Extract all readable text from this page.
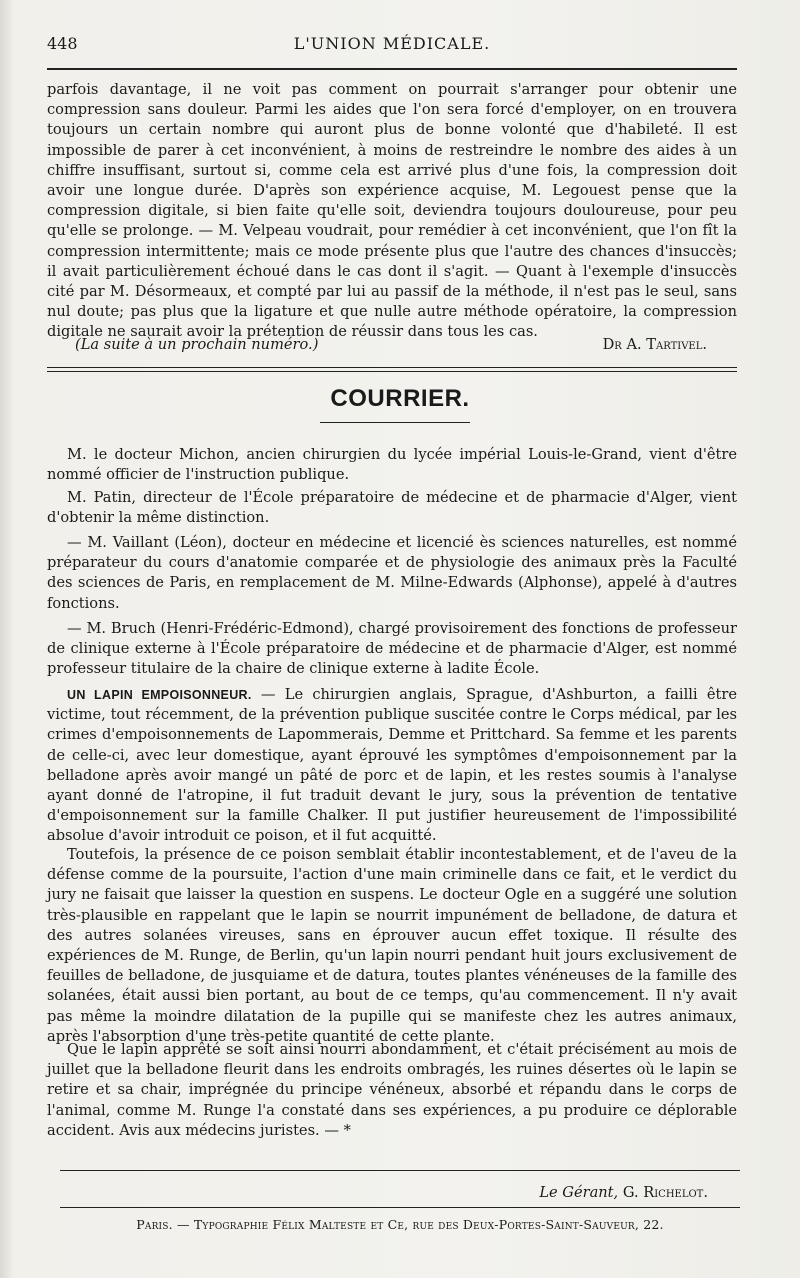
448	L'UNION MÉDICALE.
parfois davantage, il ne voit pas comment on pourrait s'arranger pour obtenir une compression sans douleur. Parmi les aides que l'on sera forcé d'employer, on en trouvera toujours un certain nombre qui auront plus de bonne volonté que d'habileté. Il est impossible de parer à cet inconvénient, à moins de restreindre le nombre des aides à un chiffre insuffisant, surtout si, comme cela est arrivé plus d'une fois, la compression doit avoir une longue durée. D'après son expérience acquise, M. Legouest pense que la compression digitale, si bien faite qu'elle soit, deviendra toujours douloureuse, pour peu qu'elle se prolonge. — M. Velpeau voudrait, pour remédier à cet inconvénient, que l'on fît la compression intermittente; mais ce mode présente plus que l'autre des chances d'insuccès; il avait particulièrement échoué dans le cas dont il s'agit. — Quant à l'exemple d'insuccès cité par M. Désormeaux, et compté par lui au passif de la méthode, il n'est pas le seul, sans nul doute; pas plus que la ligature et que nulle autre méthode opératoire, la compression digitale ne saurait avoir la prétention de réussir dans tous les cas.
(La suite à un prochain numéro.)	Dr A. Tartivel.
COURRIER.
M. le docteur Michon, ancien chirurgien du lycée impérial Louis-le-Grand, vient d'être nommé officier de l'instruction publique.
M. Patin, directeur de l'École préparatoire de médecine et de pharmacie d'Alger, vient d'obtenir la même distinction.
— M. Vaillant (Léon), docteur en médecine et licencié ès sciences naturelles, est nommé préparateur du cours d'anatomie comparée et de physiologie des animaux près la Faculté des sciences de Paris, en remplacement de M. Milne-Edwards (Alphonse), appelé à d'autres fonctions.
— M. Bruch (Henri-Frédéric-Edmond), chargé provisoirement des fonctions de professeur de clinique externe à l'École préparatoire de médecine et de pharmacie d'Alger, est nommé professeur titulaire de la chaire de clinique externe à ladite École.
UN LAPIN EMPOISONNEUR. — Le chirurgien anglais, Sprague, d'Ashburton, a failli être victime, tout récemment, de la prévention publique suscitée contre le Corps médical, par les crimes d'empoisonnements de Lapommerais, Demme et Prittchard. Sa femme et les parents de celle-ci, avec leur domestique, ayant éprouvé les symptômes d'empoisonnement par la belladone après avoir mangé un pâté de porc et de lapin, et les restes soumis à l'analyse ayant donné de l'atropine, il fut traduit devant le jury, sous la prévention de tentative d'empoisonnement sur la famille Chalker. Il put justifier heureusement de l'impossibilité absolue d'avoir introduit ce poison, et il fut acquitté.
Toutefois, la présence de ce poison semblait établir incontestablement, et de l'aveu de la défense comme de la poursuite, l'action d'une main criminelle dans ce fait, et le verdict du jury ne faisait que laisser la question en suspens. Le docteur Ogle en a suggéré une solution très-plausible en rappelant que le lapin se nourrit impunément de belladone, de datura et des autres solanées vireuses, sans en éprouver aucun effet toxique. Il résulte des expériences de M. Runge, de Berlin, qu'un lapin nourri pendant huit jours exclusivement de feuilles de belladone, de jusquiame et de datura, toutes plantes vénéneuses de la famille des solanées, était aussi bien portant, au bout de ce temps, qu'au commencement. Il n'y avait pas même la moindre dilatation de la pupille qui se manifeste chez les autres animaux, après l'absorption d'une très-petite quantité de cette plante.
Que le lapin apprêté se soit ainsi nourri abondamment, et c'était précisément au mois de juillet que la belladone fleurit dans les endroits ombragés, les ruines désertes où le lapin se retire et sa chair, imprégnée du principe vénéneux, absorbé et répandu dans le corps de l'animal, comme M. Runge l'a constaté dans ses expériences, a pu produire ce déplorable accident. Avis aux médecins juristes. — *
Le Gérant, G. Richelot.
Paris. — Typographie Félix Malteste et Ce, rue des Deux-Portes-Saint-Sauveur, 22.
